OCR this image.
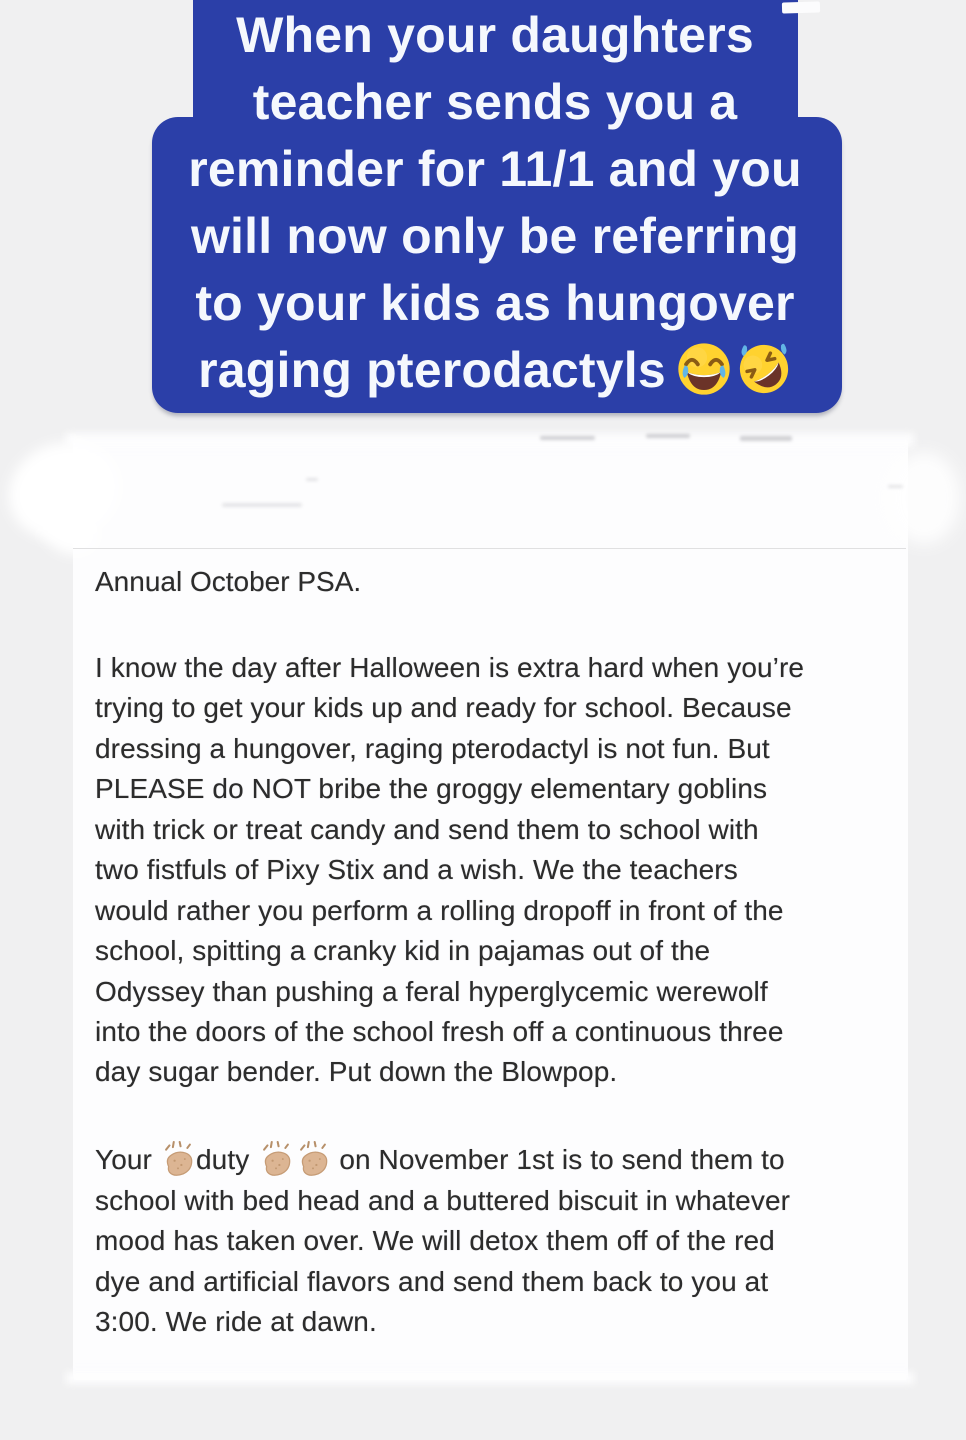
When your daughters
teacher sends you a
reminder for 11/1 and you
will now only be referring
to your kids as hungover
raging pterodactyls
Annual October PSA.
I know the day after Halloween is extra hard when you’re
trying to get your kids up and ready for school. Because
dressing a hungover, raging pterodactyl is not fun. But
PLEASE do NOT bribe the groggy elementary goblins
with trick or treat candy and send them to school with
two fistfuls of Pixy Stix and a wish. We the teachers
would rather you perform a rolling dropoff in front of the
school, spitting a cranky kid in pajamas out of the
Odyssey than pushing a feral hyperglycemic werewolf
into the doors of the school fresh off a continuous three
day sugar bender. Put down the Blowpop.
Your duty	on November 1st is to send them to
school with bed head and a buttered biscuit in whatever
mood has taken over. We will detox them off of the red
dye and artificial flavors and send them back to you at
3:00. We ride at dawn.
